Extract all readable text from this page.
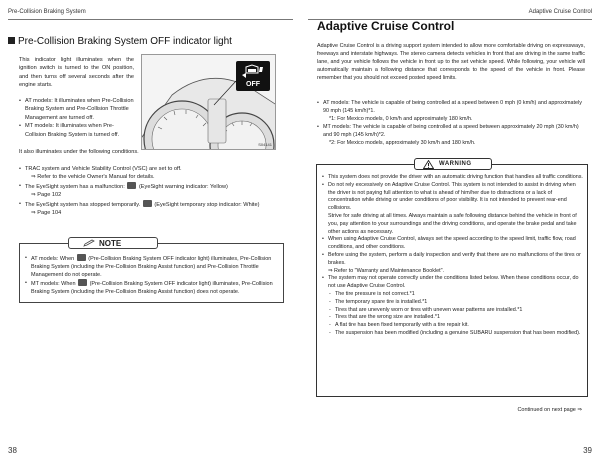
Pre-Collision Braking System
Pre-Collision Braking System OFF indicator light

This indicator light illuminates when the ignition switch is turned to the ON position, and then turns off several seconds after the engine starts.

• AT models: It illuminates when Pre-Collision Braking System and Pre-Collision Throttle Management are turned off.
• MT models: It illuminates when Pre-Collision Braking System is turned off.
OFF
S04141

It also illuminates under the following conditions.

• TRAC system and Vehicle Stability Control (VSC) are set to off.
⇒ Refer to the vehicle Owner's Manual for details.
• The EyeSight system has a malfunction:	(EyeSight warning indicator: Yellow)
⇒ Page 102
• The EyeSight system has stopped temporarily.	(EyeSight temporary stop indicator: White)
⇒ Page 104
NOTE
• AT models: When	(Pre-Collision Braking System OFF indicator light) illuminates, Pre-Collision Braking System (including the Pre-Collision Braking Assist function) and Pre-Collision Throttle Management do not operate.
• MT models: When	(Pre-Collision Braking System OFF indicator light) illuminates, Pre-Collision Braking System (including the Pre-Collision Braking Assist function) does not operate.
38
Adaptive Cruise Control
Adaptive Cruise Control

Adaptive Cruise Control is a driving support system intended to allow more comfortable driving on expressways, freeways and interstate highways. The stereo camera detects vehicles in front that are driving in the same traffic lane, and your vehicle follows the vehicle in front up to the set vehicle speed. While following, your vehicle will automatically maintain a following distance that corresponds to the speed of the vehicle in front. Please remember that you should not exceed posted speed limits.

• AT models: The vehicle is capable of being controlled at a speed between 0 mph (0 km/h) and approximately 90 mph (145 km/h)*1.
*1: For Mexico models, 0 km/h and approximately 180 km/h.
• MT models: The vehicle is capable of being controlled at a speed between approximately 20 mph (30 km/h) and 90 mph (145 km/h)*2.
*2: For Mexico models, approximately 30 km/h and 180 km/h.
WARNING
• This system does not provide the driver with an automatic driving function that handles all traffic conditions.
• Do not rely excessively on Adaptive Cruise Control. This system is not intended to assist in driving when the driver is not paying full attention to what is ahead of him/her due to distractions or a lack of concentration while driving or under conditions of poor visibility. It is not intended to prevent rear-end collisions.
Strive for safe driving at all times. Always maintain a safe following distance behind the vehicle in front of you, pay attention to your surroundings and the driving conditions, and operate the brake pedal and take other actions as necessary.
• When using Adaptive Cruise Control, always set the speed according to the speed limit, traffic flow, road conditions, and other conditions.
• Before using the system, perform a daily inspection and verify that there are no malfunctions of the tires or brakes.
⇒ Refer to "Warranty and Maintenance Booklet".
• The system may not operate correctly under the conditions listed below. When these conditions occur, do not use Adaptive Cruise Control.
- The tire pressure is not correct.*1
- The temporary spare tire is installed.*1
- Tires that are unevenly worn or tires with uneven wear patterns are installed.*1
- Tires that are the wrong size are installed.*1
- A flat tire has been fixed temporarily with a tire repair kit.
- The suspension has been modified (including a genuine SUBARU suspension that has been modified).
Continued on next page ⇒
39
